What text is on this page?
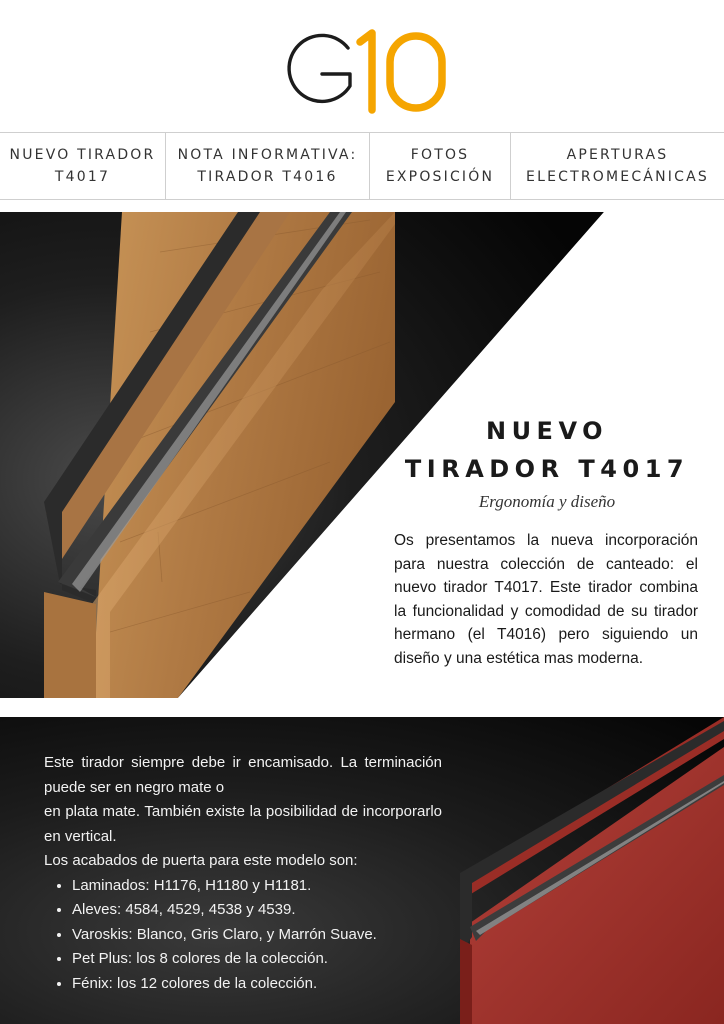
NUEVO TIRADOR
T4017
NOTA INFORMATIVA:
TIRADOR T4016
FOTOS
EXPOSICIÓN
APERTURAS
ELECTROMECÁNICAS
NUEVO
TIRADOR T4017
Ergonomía y diseño

Os presentamos la nueva incorporación para nuestra colección de canteado: el nuevo tirador T4017. Este tirador combina la funcionalidad y comodidad de su tirador hermano (el T4016) pero siguiendo un diseño y una estética mas moderna.

Este tirador siempre debe ir encamisado. La terminación puede ser en negro mate o

en plata mate. También existe la posibilidad de incorporarlo en vertical.

Los acabados de puerta para este modelo son:

• Laminados: H1176, H1180 y H1181.
• Aleves: 4584, 4529, 4538 y 4539.
• Varoskis: Blanco, Gris Claro, y Marrón Suave.
• Pet Plus: los 8 colores de la colección.
• Fénix: los 12 colores de la colección.
